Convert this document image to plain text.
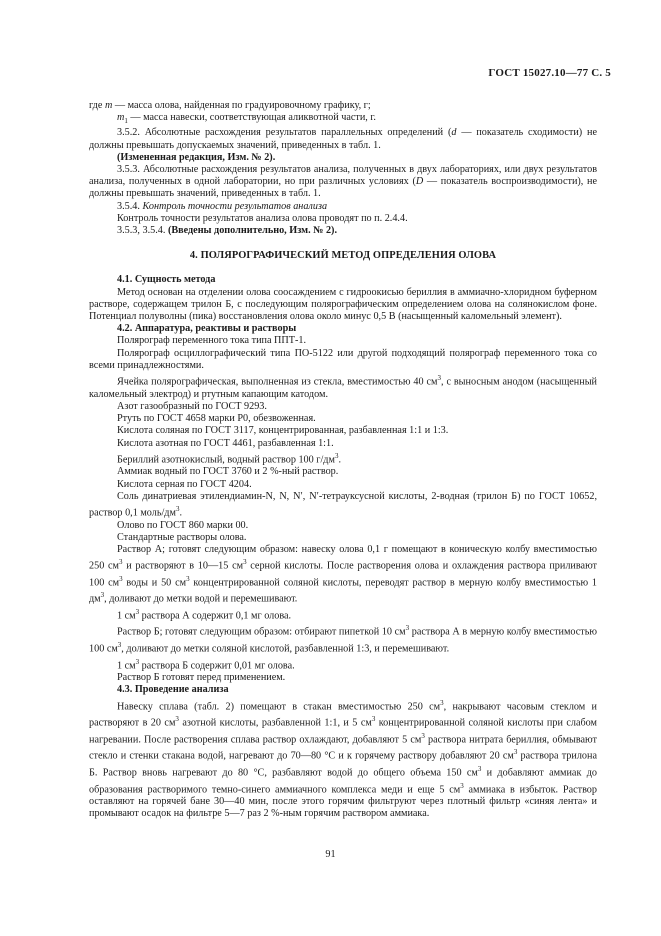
ГОСТ 15027.10—77 С. 5
где m — масса олова, найденная по градуировочному графику, г;
$m_1$ — масса навески, соответствующая аликвотной части, г.
3.5.2. Абсолютные расхождения результатов параллельных определений (d — показатель сходимости) не должны превышать допускаемых значений, приведенных в табл. 1.
(Измененная редакция, Изм. № 2).
3.5.3. Абсолютные расхождения результатов анализа, полученных в двух лабораториях, или двух результатов анализа, полученных в одной лаборатории, но при различных условиях (D — показатель воспроизводимости), не должны превышать значений, приведенных в табл. 1.
3.5.4. Контроль точности результатов анализа
Контроль точности результатов анализа олова проводят по п. 2.4.4.
3.5.3, 3.5.4. (Введены дополнительно, Изм. № 2).
4. ПОЛЯРОГРАФИЧЕСКИЙ МЕТОД ОПРЕДЕЛЕНИЯ ОЛОВА
4.1. Сущность метода
Метод основан на отделении олова соосаждением с гидроокисью бериллия в аммиачно-хлоридном буферном растворе, содержащем трилон Б, с последующим полярографическим определением олова на солянокислом фоне. Потенциал полуволны (пика) восстановления олова около минус 0,5 В (насыщенный каломельный элемент).
4.2. Аппаратура, реактивы и растворы
Полярограф переменного тока типа ППТ-1.
Полярограф осциллографический типа ПО-5122 или другой подходящий полярограф переменного тока со всеми принадлежностями.
Ячейка полярографическая, выполненная из стекла, вместимостью 40 $см^3$, с выносным анодом (насыщенный каломельный электрод) и ртутным капающим катодом.
Азот газообразный по ГОСТ 9293.
Ртуть по ГОСТ 4658 марки Р0, обезвоженная.
Кислота соляная по ГОСТ 3117, концентрированная, разбавленная 1:1 и 1:3.
Кислота азотная по ГОСТ 4461, разбавленная 1:1.
Бериллий азотнокислый, водный раствор 100 $г/дм^3$.
Аммиак водный по ГОСТ 3760 и 2 %-ный раствор.
Кислота серная по ГОСТ 4204.
Соль динатриевая этилендиамин-N, N, N′, N′-тетрауксусной кислоты, 2-водная (трилон Б) по ГОСТ 10652, раствор 0,1 моль/$дм^3$.
Олово по ГОСТ 860 марки 00.
Стандартные растворы олова.
Раствор А; готовят следующим образом: навеску олова 0,1 г помещают в коническую колбу вместимостью 250 $см^3$ и растворяют в 10—15 $см^3$ серной кислоты. После растворения олова и охлаждения раствора приливают 100 $см^3$ воды и 50 $см^3$ концентрированной соляной кислоты, переводят раствор в мерную колбу вместимостью 1 $дм^3$, доливают до метки водой и перемешивают.
1 $см^3$ раствора А содержит 0,1 мг олова.
Раствор Б; готовят следующим образом: отбирают пипеткой 10 $см^3$ раствора А в мерную колбу вместимостью 100 $см^3$, доливают до метки соляной кислотой, разбавленной 1:3, и перемешивают.
1 $см^3$ раствора Б содержит 0,01 мг олова.
Раствор Б готовят перед применением.
4.3. Проведение анализа
Навеску сплава (табл. 2) помещают в стакан вместимостью 250 $см^3$, накрывают часовым стеклом и растворяют в 20 $см^3$ азотной кислоты, разбавленной 1:1, и 5 $см^3$ концентрированной соляной кислоты при слабом нагревании. После растворения сплава раствор охлаждают, добавляют 5 $см^3$ раствора нитрата бериллия, обмывают стекло и стенки стакана водой, нагревают до 70—80 °С и к горячему раствору добавляют 20 $см^3$ раствора трилона Б. Раствор вновь нагревают до 80 °С, разбавляют водой до общего объема 150 $см^3$ и добавляют аммиак до образования растворимого темно-синего аммиачного комплекса меди и еще 5 $см^3$ аммиака в избыток. Раствор оставляют на горячей бане 30—40 мин, после этого горячим фильтруют через плотный фильтр «синяя лента» и промывают осадок на фильтре 5—7 раз 2 %-ным горячим раствором аммиака.
91
